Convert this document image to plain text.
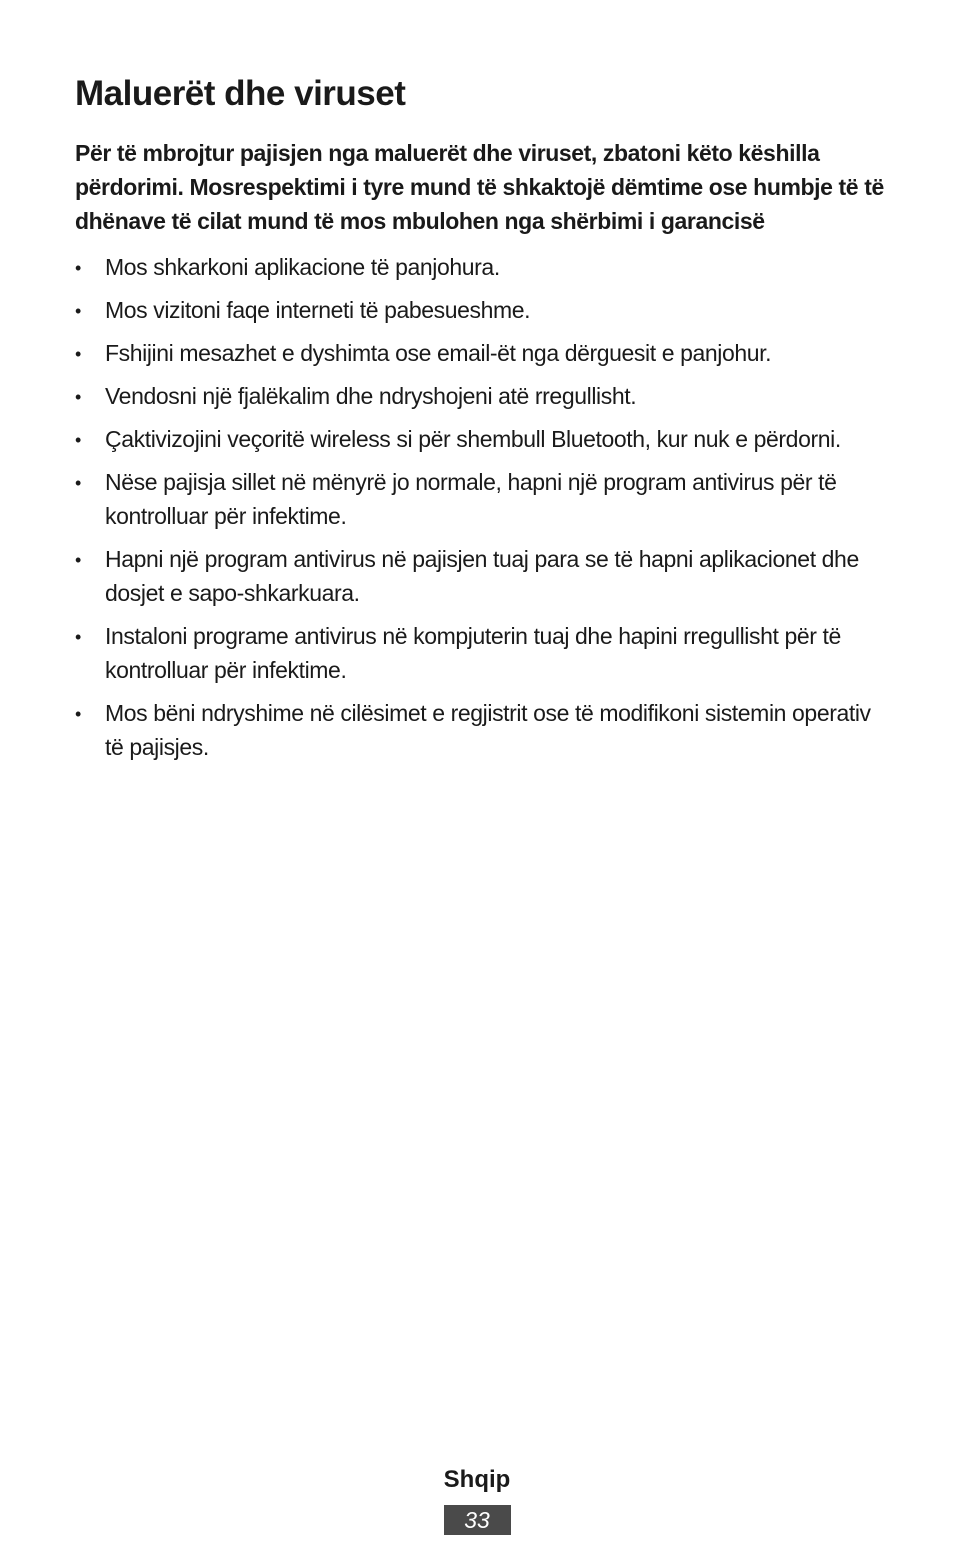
Maluerët dhe viruset

Për të mbrojtur pajisjen nga maluerët dhe viruset, zbatoni këto këshilla përdorimi. Mosrespektimi i tyre mund të shkaktojë dëmtime ose humbje të të dhënave të cilat mund të mos mbulohen nga shërbimi i garancisë

• Mos shkarkoni aplikacione të panjohura.
• Mos vizitoni faqe interneti të pabesueshme.
• Fshijini mesazhet e dyshimta ose email-ët nga dërguesit e panjohur.
• Vendosni një fjalëkalim dhe ndryshojeni atë rregullisht.
• Çaktivizojini veçoritë wireless si për shembull Bluetooth, kur nuk e përdorni.
• Nëse pajisja sillet në mënyrë jo normale, hapni një program antivirus për të kontrolluar për infektime.
• Hapni një program antivirus në pajisjen tuaj para se të hapni aplikacionet dhe dosjet e sapo-shkarkuara.
• Instaloni programe antivirus në kompjuterin tuaj dhe hapini rregullisht për të kontrolluar për infektime.
• Mos bëni ndryshime në cilësimet e regjistrit ose të modifikoni sistemin operativ të pajisjes.
Shqip
33
